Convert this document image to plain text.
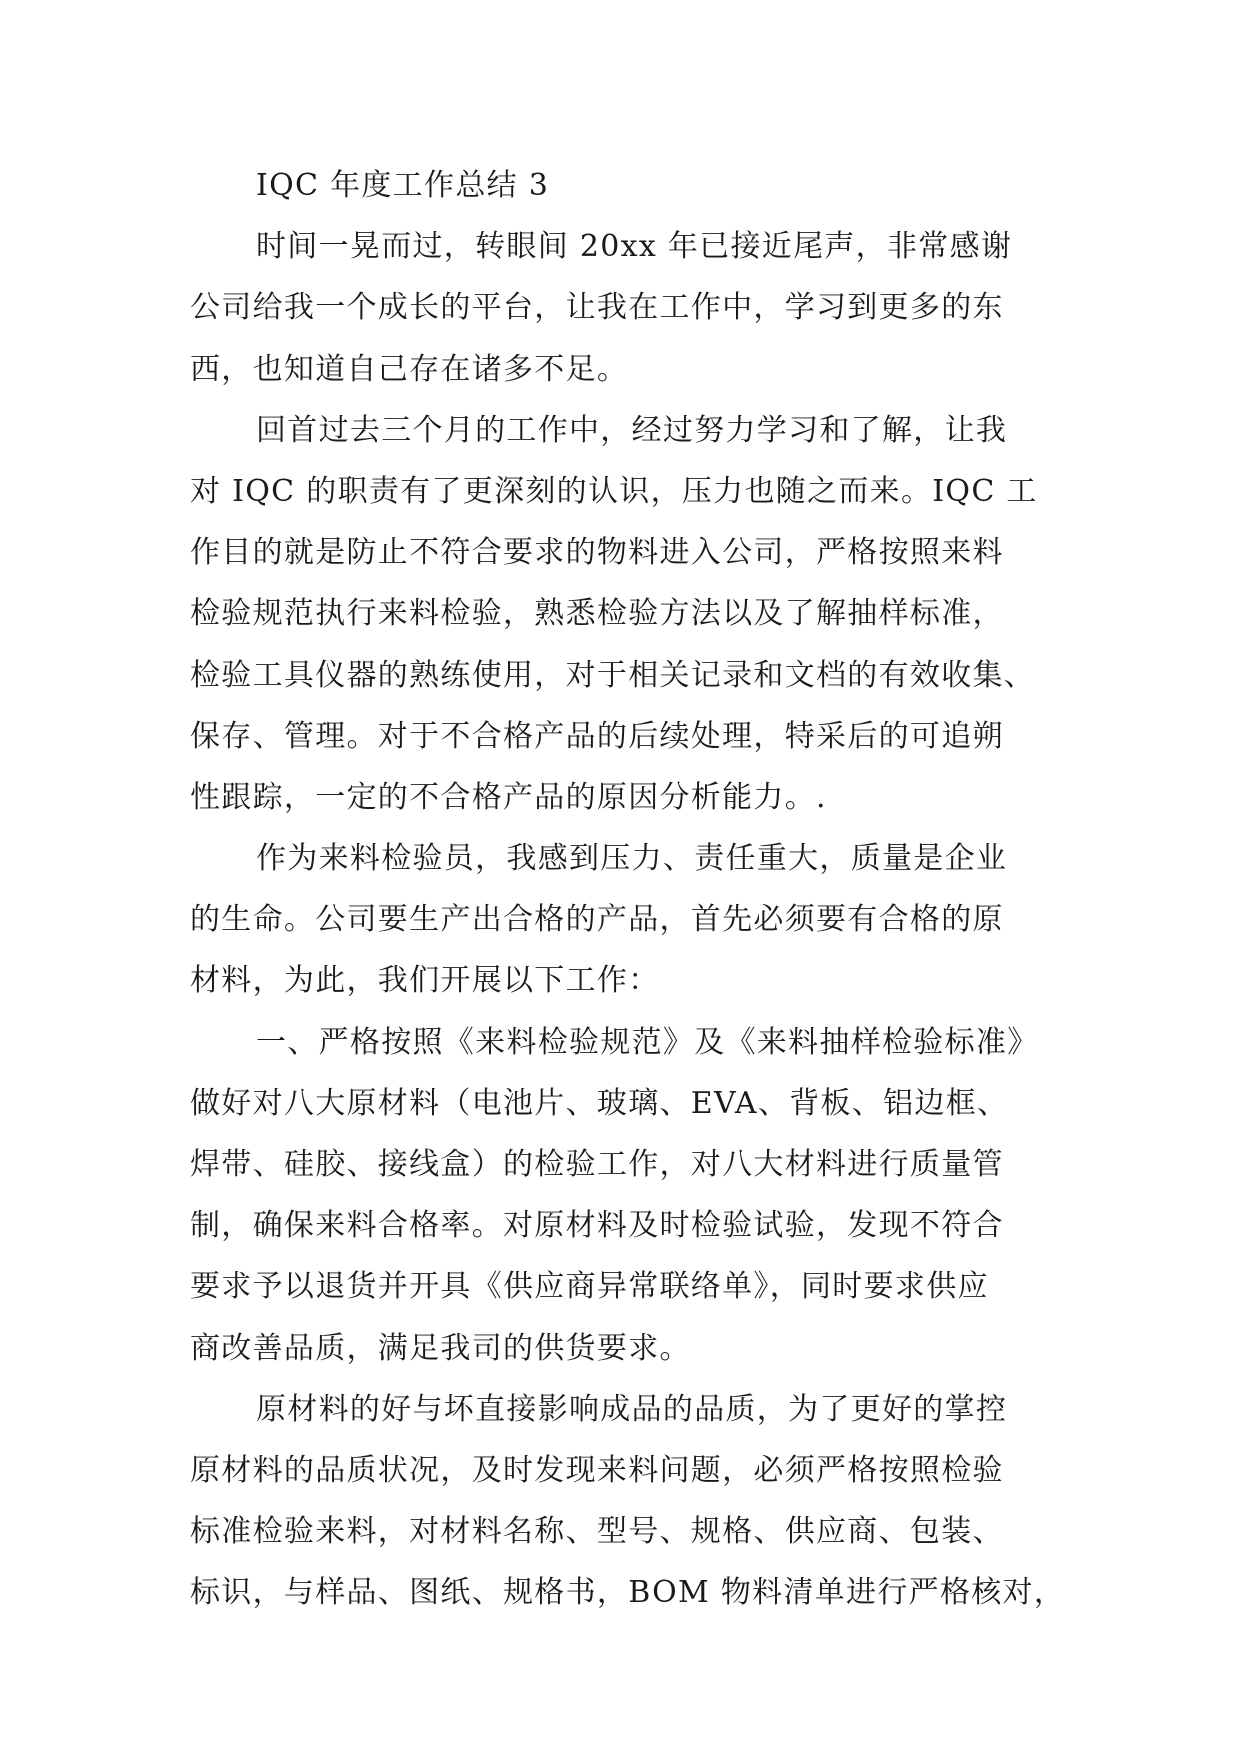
IQC 年度工作总结 3
时间一晃而过，转眼间 20xx 年已接近尾声，非常感谢
公司给我一个成长的平台，让我在工作中，学习到更多的东
西，也知道自己存在诸多不足。
回首过去三个月的工作中，经过努力学习和了解，让我
对 IQC 的职责有了更深刻的认识，压力也随之而来。IQC 工
作目的就是防止不符合要求的物料进入公司，严格按照来料
检验规范执行来料检验，熟悉检验方法以及了解抽样标准，
检验工具仪器的熟练使用，对于相关记录和文档的有效收集、
保存、管理。对于不合格产品的后续处理，特采后的可追朔
性跟踪，一定的不合格产品的原因分析能力。.
作为来料检验员，我感到压力、责任重大，质量是企业
的生命。公司要生产出合格的产品，首先必须要有合格的原
材料，为此，我们开展以下工作：
一、严格按照《来料检验规范》及《来料抽样检验标准》
做好对八大原材料（电池片、玻璃、EVA、背板、铝边框、
焊带、硅胶、接线盒）的检验工作，对八大材料进行质量管
制，确保来料合格率。对原材料及时检验试验，发现不符合
要求予以退货并开具《供应商异常联络单》，同时要求供应
商改善品质，满足我司的供货要求。
原材料的好与坏直接影响成品的品质，为了更好的掌控
原材料的品质状况，及时发现来料问题，必须严格按照检验
标准检验来料，对材料名称、型号、规格、供应商、包装、
标识，与样品、图纸、规格书，BOM 物料清单进行严格核对，
